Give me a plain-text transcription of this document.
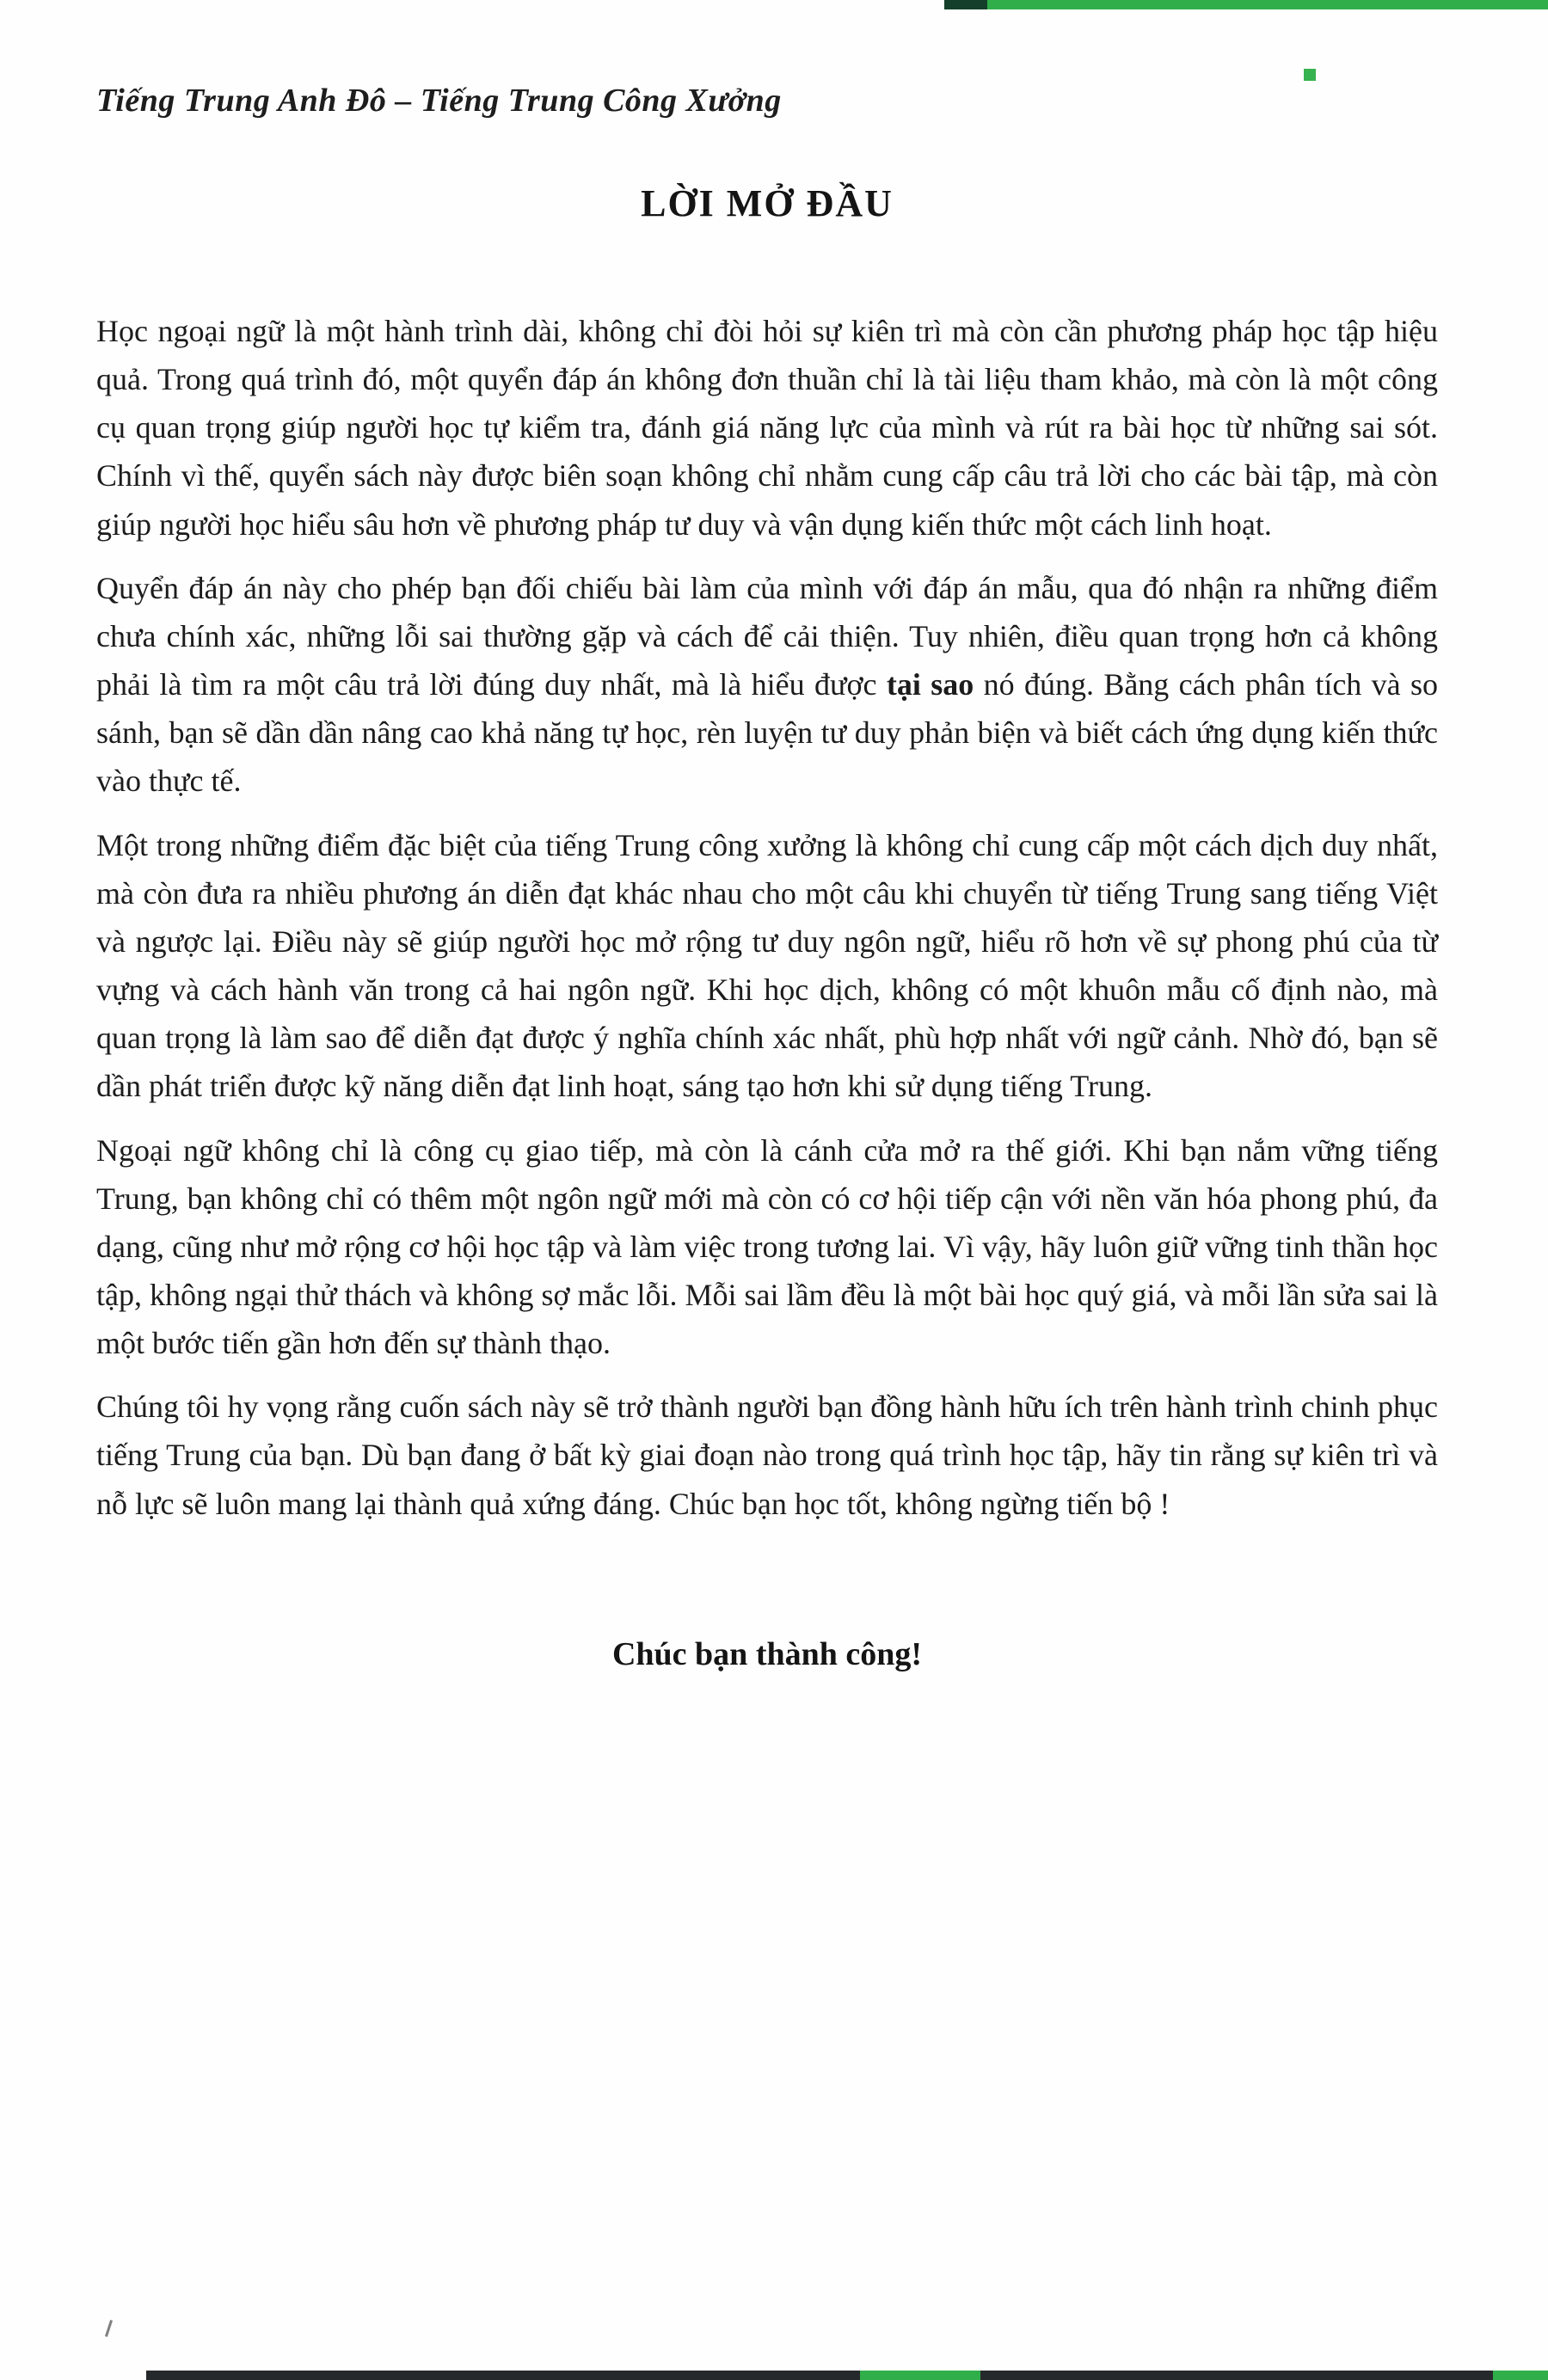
Tiếng Trung Anh Đô – Tiếng Trung Công Xưởng
LỜI MỞ ĐẦU

Học ngoại ngữ là một hành trình dài, không chỉ đòi hỏi sự kiên trì mà còn cần phương pháp học tập hiệu quả. Trong quá trình đó, một quyển đáp án không đơn thuần chỉ là tài liệu tham khảo, mà còn là một công cụ quan trọng giúp người học tự kiểm tra, đánh giá năng lực của mình và rút ra bài học từ những sai sót. Chính vì thế, quyển sách này được biên soạn không chỉ nhằm cung cấp câu trả lời cho các bài tập, mà còn giúp người học hiểu sâu hơn về phương pháp tư duy và vận dụng kiến thức một cách linh hoạt.

Quyển đáp án này cho phép bạn đối chiếu bài làm của mình với đáp án mẫu, qua đó nhận ra những điểm chưa chính xác, những lỗi sai thường gặp và cách để cải thiện. Tuy nhiên, điều quan trọng hơn cả không phải là tìm ra một câu trả lời đúng duy nhất, mà là hiểu được tại sao nó đúng. Bằng cách phân tích và so sánh, bạn sẽ dần dần nâng cao khả năng tự học, rèn luyện tư duy phản biện và biết cách ứng dụng kiến thức vào thực tế.

Một trong những điểm đặc biệt của tiếng Trung công xưởng là không chỉ cung cấp một cách dịch duy nhất, mà còn đưa ra nhiều phương án diễn đạt khác nhau cho một câu khi chuyển từ tiếng Trung sang tiếng Việt và ngược lại. Điều này sẽ giúp người học mở rộng tư duy ngôn ngữ, hiểu rõ hơn về sự phong phú của từ vựng và cách hành văn trong cả hai ngôn ngữ. Khi học dịch, không có một khuôn mẫu cố định nào, mà quan trọng là làm sao để diễn đạt được ý nghĩa chính xác nhất, phù hợp nhất với ngữ cảnh. Nhờ đó, bạn sẽ dần phát triển được kỹ năng diễn đạt linh hoạt, sáng tạo hơn khi sử dụng tiếng Trung.

Ngoại ngữ không chỉ là công cụ giao tiếp, mà còn là cánh cửa mở ra thế giới. Khi bạn nắm vững tiếng Trung, bạn không chỉ có thêm một ngôn ngữ mới mà còn có cơ hội tiếp cận với nền văn hóa phong phú, đa dạng, cũng như mở rộng cơ hội học tập và làm việc trong tương lai. Vì vậy, hãy luôn giữ vững tinh thần học tập, không ngại thử thách và không sợ mắc lỗi. Mỗi sai lầm đều là một bài học quý giá, và mỗi lần sửa sai là một bước tiến gần hơn đến sự thành thạo.

Chúng tôi hy vọng rằng cuốn sách này sẽ trở thành người bạn đồng hành hữu ích trên hành trình chinh phục tiếng Trung của bạn. Dù bạn đang ở bất kỳ giai đoạn nào trong quá trình học tập, hãy tin rằng sự kiên trì và nỗ lực sẽ luôn mang lại thành quả xứng đáng. Chúc bạn học tốt, không ngừng tiến bộ !

Chúc bạn thành công!
